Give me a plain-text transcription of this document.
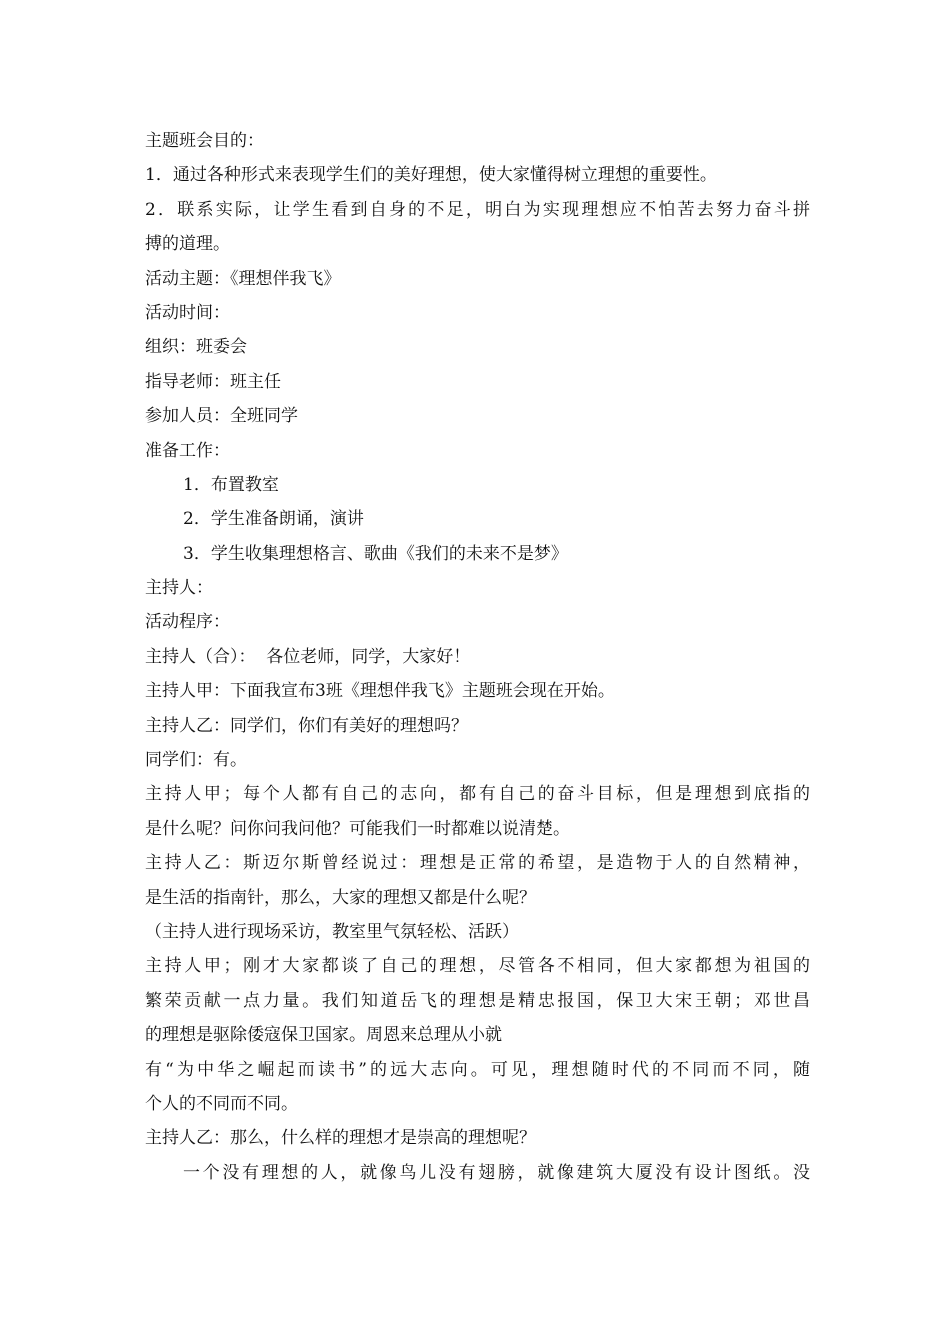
主题班会目的：
1．通过各种形式来表现学生们的美好理想，使大家懂得树立理想的重要性。
2．联系实际，让学生看到自身的不足，明白为实现理想应不怕苦去努力奋斗拼
搏的道理。
活动主题：《理想伴我飞》
活动时间：
组织：班委会
指导老师：班主任
参加人员：全班同学
准备工作：
1．布置教室
2．学生准备朗诵，演讲
3．学生收集理想格言、歌曲《我们的未来不是梦》
主持人：
活动程序：
主持人（合）：  各位老师，同学，大家好！
主持人甲：下面我宣布3班《理想伴我飞》主题班会现在开始。
主持人乙：同学们，你们有美好的理想吗？
同学们：有。
主持人甲；每个人都有自己的志向，都有自己的奋斗目标，但是理想到底指的
是什么呢？问你问我问他？可能我们一时都难以说清楚。
主持人乙：斯迈尔斯曾经说过：理想是正常的希望，是造物于人的自然精神，
是生活的指南针，那么，大家的理想又都是什么呢？
（主持人进行现场采访，教室里气氛轻松、活跃）
主持人甲；刚才大家都谈了自己的理想，尽管各不相同，但大家都想为祖国的
繁荣贡献一点力量。我们知道岳飞的理想是精忠报国，保卫大宋王朝；邓世昌
的理想是驱除倭寇保卫国家。周恩来总理从小就
有“为中华之崛起而读书”的远大志向。可见，理想随时代的不同而不同，随
个人的不同而不同。
主持人乙：那么，什么样的理想才是崇高的理想呢？
一个没有理想的人，就像鸟儿没有翅膀，就像建筑大厦没有设计图纸。没
